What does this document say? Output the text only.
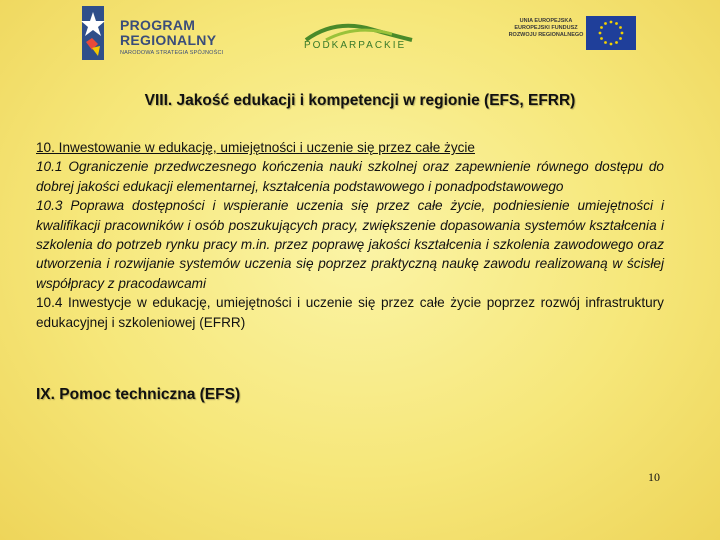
PROGRAM
REGIONALNY
NARODOWA STRATEGIA SPÓJNOŚCI
PODKARPACKIE
UNIA EUROPEJSKA
EUROPEJSKI FUNDUSZ
ROZWOJU REGIONALNEGO
VIII. Jakość edukacji i kompetencji w regionie (EFS, EFRR)
10. Inwestowanie w edukację, umiejętności i uczenie się przez całe życie
10.1 Ograniczenie przedwczesnego kończenia nauki szkolnej oraz zapewnienie równego dostępu do dobrej jakości edukacji elementarnej, kształcenia podstawowego i ponadpodstawowego
10.3 Poprawa dostępności i wspieranie uczenia się przez całe życie, podniesienie umiejętności i kwalifikacji pracowników i osób poszukujących pracy, zwiększenie dopasowania systemów kształcenia i szkolenia do potrzeb rynku pracy m.in. przez poprawę jakości kształcenia i szkolenia zawodowego oraz utworzenia i rozwijanie systemów uczenia się poprzez praktyczną naukę zawodu realizowaną w ścisłej współpracy z pracodawcami
10.4 Inwestycje w edukację, umiejętności i uczenie się przez całe życie poprzez rozwój infrastruktury edukacyjnej i szkoleniowej (EFRR)
IX. Pomoc techniczna (EFS)
10
